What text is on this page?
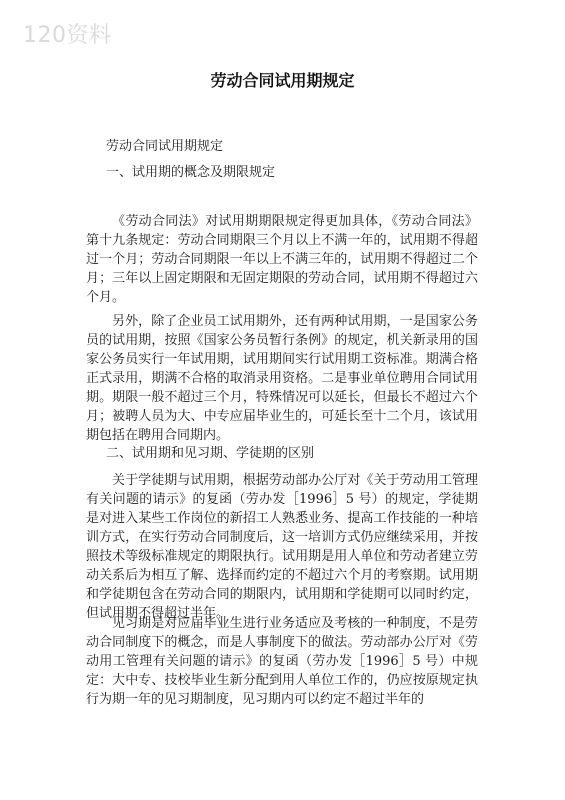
120资料
劳动合同试用期规定
劳动合同试用期规定
一、试用期的概念及期限规定
《劳动合同法》对试用期期限规定得更加具体，《劳动合同法》第十九条规定：劳动合同期限三个月以上不满一年的，试用期不得超过一个月；劳动合同期限一年以上不满三年的，试用期不得超过二个月；三年以上固定期限和无固定期限的劳动合同，试用期不得超过六个月。
另外，除了企业员工试用期外，还有两种试用期，一是国家公务员的试用期，按照《国家公务员暂行条例》的规定，机关新录用的国家公务员实行一年试用期，试用期间实行试用期工资标准。期满合格正式录用，期满不合格的取消录用资格。二是事业单位聘用合同试用期。期限一般不超过三个月，特殊情况可以延长，但最长不超过六个月；被聘人员为大、中专应届毕业生的，可延长至十二个月，该试用期包括在聘用合同期内。
二、试用期和见习期、学徒期的区别
关于学徒期与试用期，根据劳动部办公厅对《关于劳动用工管理有关问题的请示》的复函（劳办发［1996］5 号）的规定，学徒期是对进入某些工作岗位的新招工人熟悉业务、提高工作技能的一种培训方式，在实行劳动合同制度后，这一培训方式仍应继续采用，并按照技术等级标准规定的期限执行。试用期是用人单位和劳动者建立劳动关系后为相互了解、选择而约定的不超过六个月的考察期。试用期和学徒期包含在劳动合同的期限内，试用期和学徒期可以同时约定，但试用期不得超过半年。
见习期是对应届毕业生进行业务适应及考核的一种制度，不是劳动合同制度下的概念，而是人事制度下的做法。劳动部办公厅对《劳动用工管理有关问题的请示》的复函（劳办发［1996］5 号）中规定：大中专、技校毕业生新分配到用人单位工作的，仍应按原规定执行为期一年的见习期制度，见习期内可以约定不超过半年的
